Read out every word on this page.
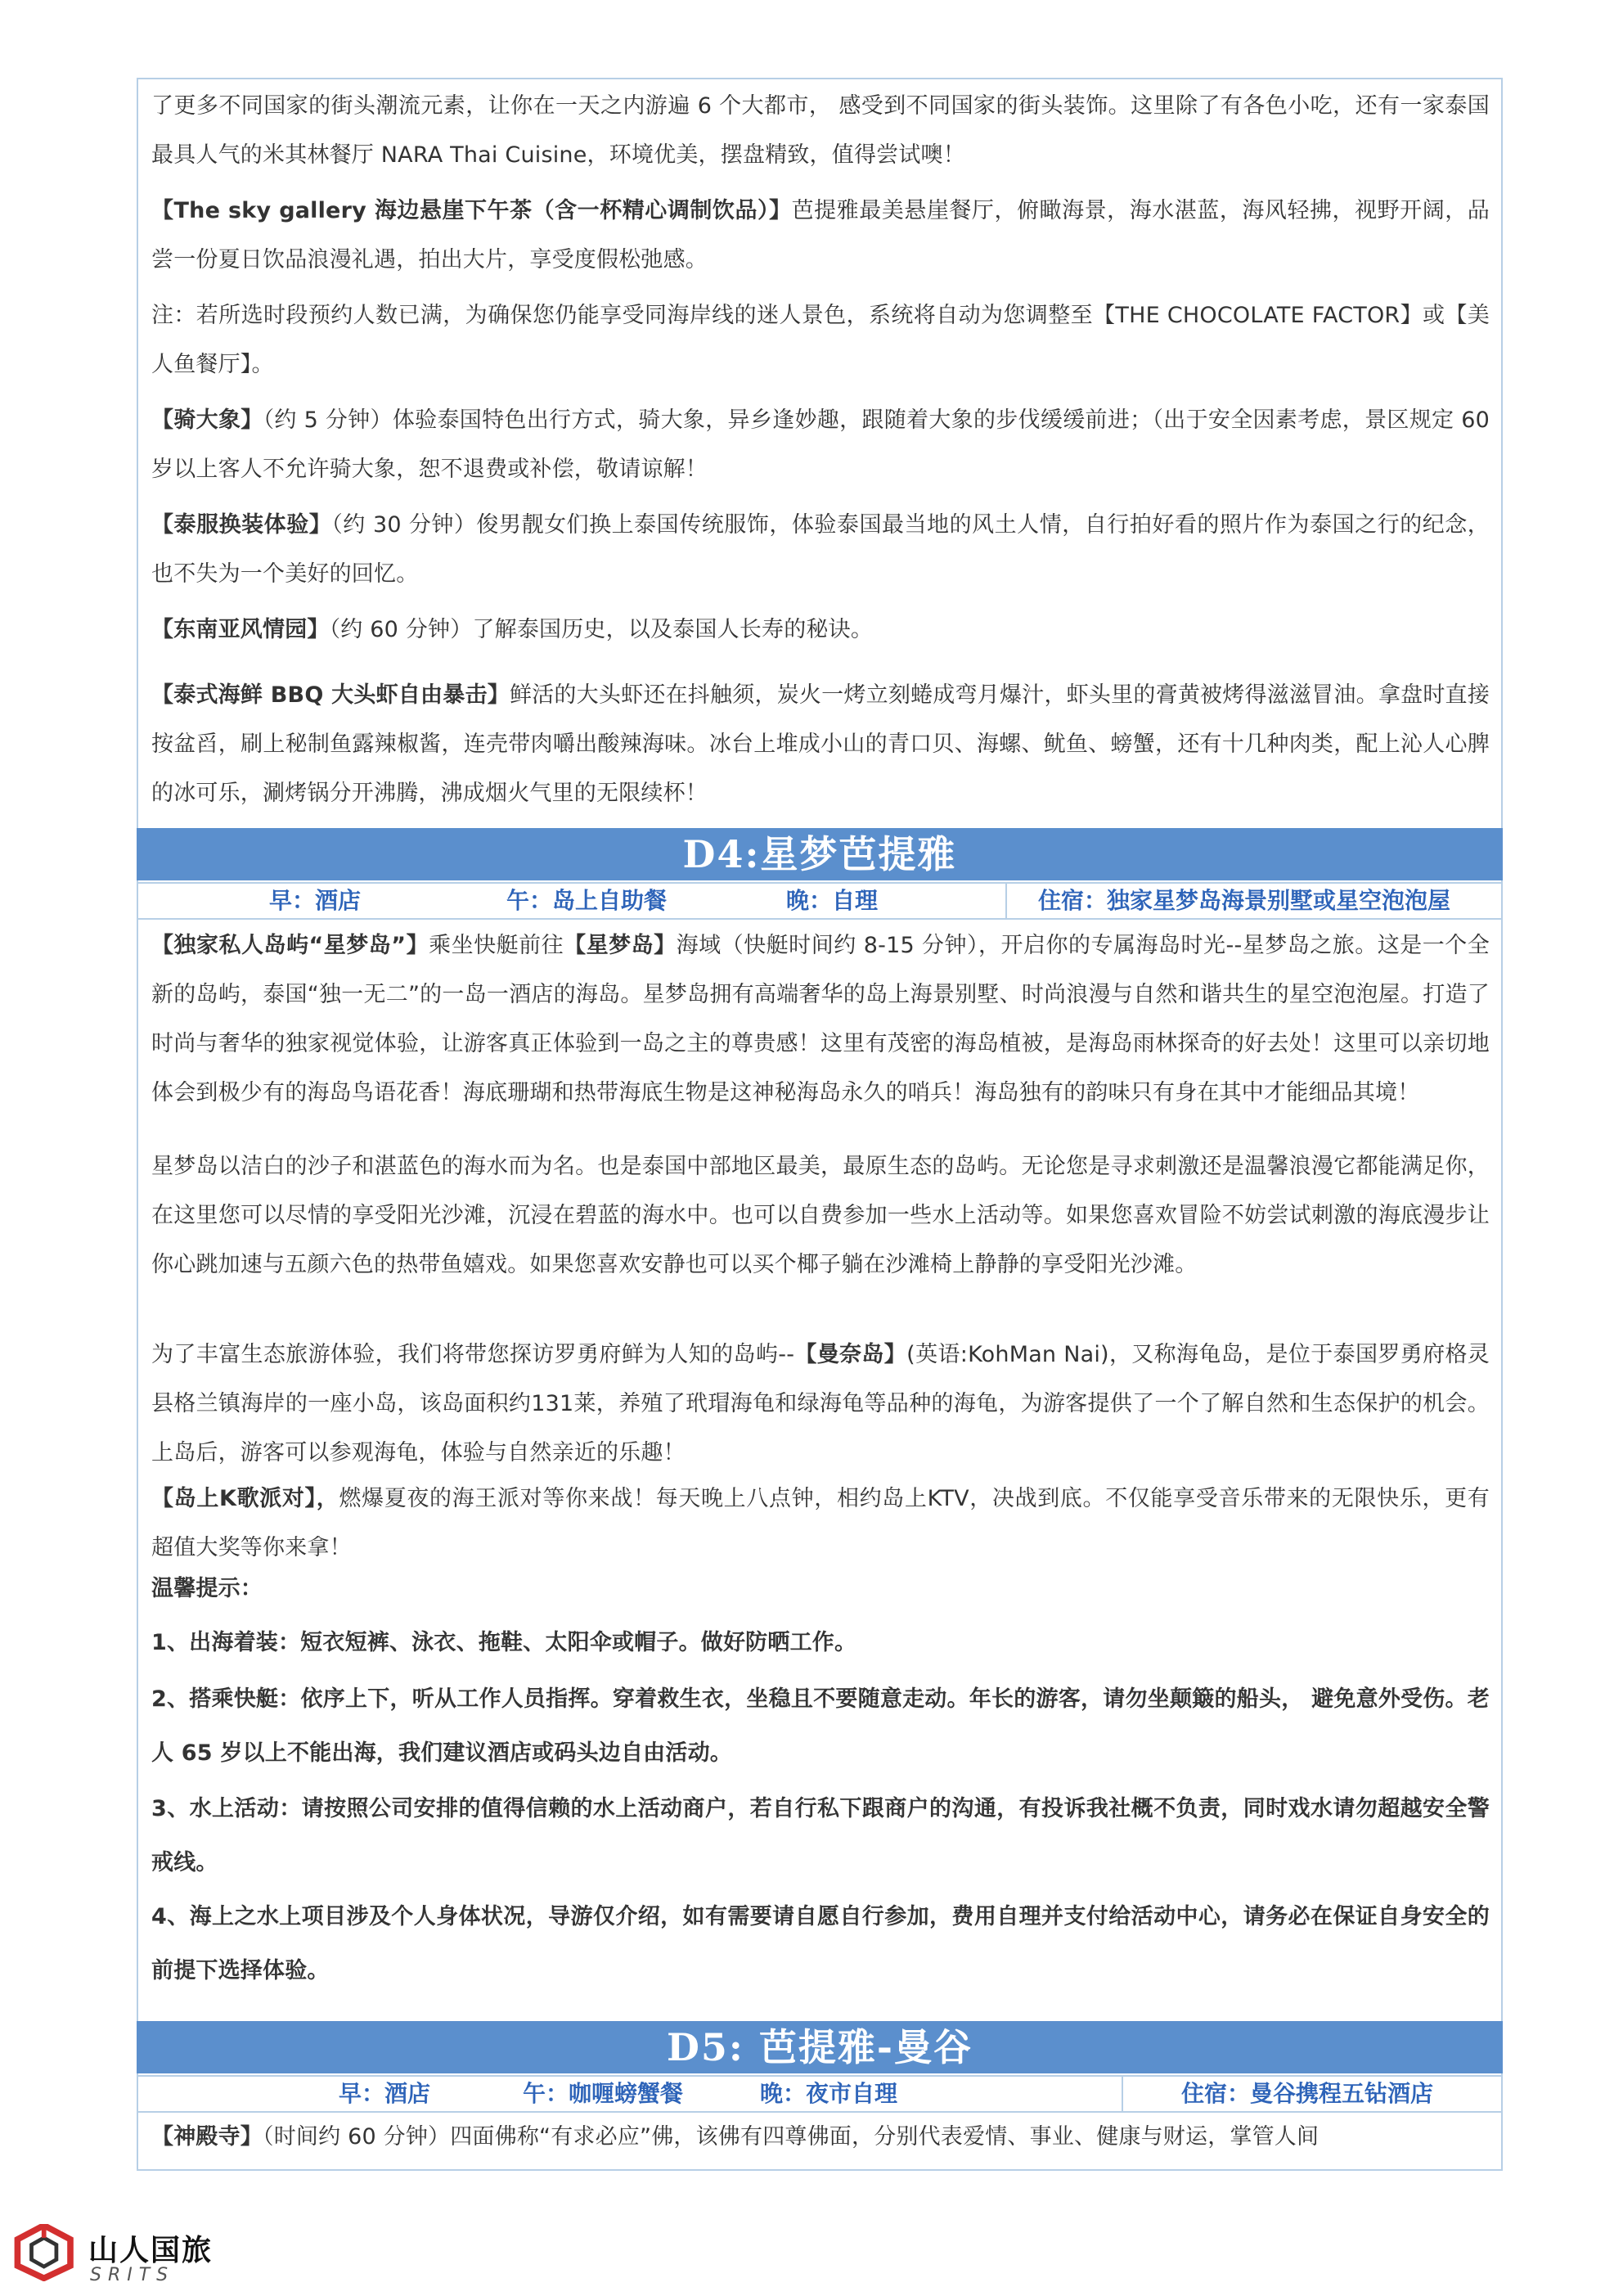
了更多不同国家的街头潮流元素，让你在一天之内游遍 6 个大都市， 感受到不同国家的街头装饰。这里除了有各色小吃，还有一家泰国最具人气的米其林餐厅 NARA Thai Cuisine，环境优美，摆盘精致，值得尝试噢！
【The sky gallery 海边悬崖下午茶（含一杯精心调制饮品）】芭提雅最美悬崖餐厅，俯瞰海景，海水湛蓝，海风轻拂，视野开阔，品尝一份夏日饮品浪漫礼遇，拍出大片，享受度假松弛感。
注：若所选时段预约人数已满，为确保您仍能享受同海岸线的迷人景色，系统将自动为您调整至【THE CHOCOLATE FACTOR】或【美人鱼餐厅】。
【骑大象】（约 5 分钟）体验泰国特色出行方式，骑大象，异乡逢妙趣，跟随着大象的步伐缓缓前进；（出于安全因素考虑，景区规定 60 岁以上客人不允许骑大象，恕不退费或补偿，敬请谅解！
【泰服换装体验】（约 30 分钟）俊男靓女们换上泰国传统服饰，体验泰国最当地的风土人情，自行拍好看的照片作为泰国之行的纪念，也不失为一个美好的回忆。
【东南亚风情园】（约 60 分钟）了解泰国历史，以及泰国人长寿的秘诀。
【泰式海鲜 BBQ 大头虾自由暴击】鲜活的大头虾还在抖触须，炭火一烤立刻蜷成弯月爆汁，虾头里的膏黄被烤得滋滋冒油。拿盘时直接按盆舀，刷上秘制鱼露辣椒酱，连壳带肉嚼出酸辣海味。冰台上堆成小山的青口贝、海螺、鱿鱼、螃蟹，还有十几种肉类，配上沁人心脾的冰可乐，涮烤锅分开沸腾，沸成烟火气里的无限续杯！
D4:星梦芭提雅
早：酒店	午：岛上自助餐	晚：自理	住宿：独家星梦岛海景别墅或星空泡泡屋
【独家私人岛屿“星梦岛”】乘坐快艇前往【星梦岛】海域（快艇时间约 8-15 分钟），开启你的专属海岛时光--星梦岛之旅。这是一个全新的岛屿，泰国“独一无二”的一岛一酒店的海岛。星梦岛拥有高端奢华的岛上海景别墅、时尚浪漫与自然和谐共生的星空泡泡屋。打造了时尚与奢华的独家视觉体验，让游客真正体验到一岛之主的尊贵感！这里有茂密的海岛植被，是海岛雨林探奇的好去处！这里可以亲切地体会到极少有的海岛鸟语花香！海底珊瑚和热带海底生物是这神秘海岛永久的哨兵！海岛独有的韵味只有身在其中才能细品其境！
星梦岛以洁白的沙子和湛蓝色的海水而为名。也是泰国中部地区最美，最原生态的岛屿。无论您是寻求刺激还是温馨浪漫它都能满足你，在这里您可以尽情的享受阳光沙滩，沉浸在碧蓝的海水中。也可以自费参加一些水上活动等。如果您喜欢冒险不妨尝试刺激的海底漫步让你心跳加速与五颜六色的热带鱼嬉戏。如果您喜欢安静也可以买个椰子躺在沙滩椅上静静的享受阳光沙滩。
为了丰富生态旅游体验，我们将带您探访罗勇府鲜为人知的岛屿--【曼奈岛】(英语:KohMan Nai)，又称海龟岛，是位于泰国罗勇府格灵县格兰镇海岸的一座小岛，该岛面积约131莱，养殖了玳瑁海龟和绿海龟等品种的海龟，为游客提供了一个了解自然和生态保护的机会。上岛后，游客可以参观海龟，体验与自然亲近的乐趣！
【岛上K歌派对】，燃爆夏夜的海王派对等你来战！每天晚上八点钟，相约岛上KTV，决战到底。不仅能享受音乐带来的无限快乐，更有超值大奖等你来拿！
温馨提示：
1、出海着装：短衣短裤、泳衣、拖鞋、太阳伞或帽子。做好防晒工作。
2、搭乘快艇：依序上下，听从工作人员指挥。穿着救生衣，坐稳且不要随意走动。年长的游客，请勿坐颠簸的船头， 避免意外受伤。老人 65 岁以上不能出海，我们建议酒店或码头边自由活动。
3、水上活动：请按照公司安排的值得信赖的水上活动商户，若自行私下跟商户的沟通，有投诉我社概不负责，同时戏水请勿超越安全警戒线。
4、海上之水上项目涉及个人身体状况，导游仅介绍，如有需要请自愿自行参加，费用自理并支付给活动中心，请务必在保证自身安全的前提下选择体验。
D5: 芭提雅-曼谷
早：酒店	午：咖喱螃蟹餐	晚：夜市自理	住宿：曼谷携程五钻酒店
【神殿寺】（时间约 60 分钟）四面佛称“有求必应”佛，该佛有四尊佛面，分别代表爱情、事业、健康与财运，掌管人间
山人国旅
SRITS
